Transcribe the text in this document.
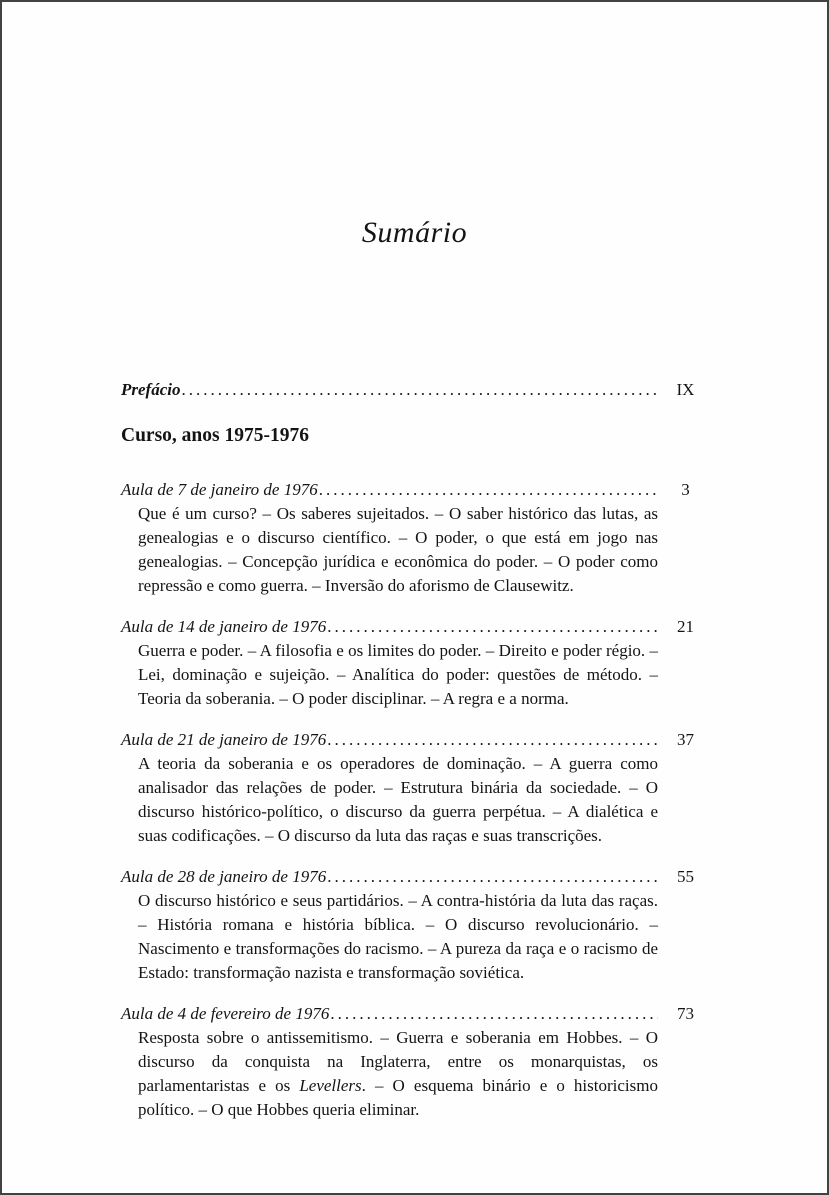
Sumário
Prefácio .....	IX
Curso, anos 1975-1976
Aula de 7 de janeiro de 1976 .....	3

Que é um curso? – Os saberes sujeitados. – O saber histórico das lutas, as genealogias e o discurso científico. – O poder, o que está em jogo nas genealogias. – Concepção jurídica e econômica do poder. – O poder como repressão e como guerra. – Inversão do aforismo de Clausewitz.

Aula de 14 de janeiro de 1976 .....	21

Guerra e poder. – A filosofia e os limites do poder. – Direito e poder régio. – Lei, dominação e sujeição. – Analítica do poder: questões de método. – Teoria da soberania. – O poder disciplinar. – A regra e a norma.

Aula de 21 de janeiro de 1976 .....	37

A teoria da soberania e os operadores de dominação. – A guerra como analisador das relações de poder. – Estrutura binária da sociedade. – O discurso histórico-político, o discurso da guerra perpétua. – A dialética e suas codificações. – O discurso da luta das raças e suas transcrições.

Aula de 28 de janeiro de 1976 .....	55

O discurso histórico e seus partidários. – A contra-história da luta das raças. – História romana e história bíblica. – O discurso revolucionário. – Nascimento e transformações do racismo. – A pureza da raça e o racismo de Estado: transformação nazista e transformação soviética.

Aula de 4 de fevereiro de 1976 .....	73

Resposta sobre o antissemitismo. – Guerra e soberania em Hobbes. – O discurso da conquista na Inglaterra, entre os monarquistas, os parlamentaristas e os Levellers. – O esquema binário e o historicismo político. – O que Hobbes queria eliminar.
